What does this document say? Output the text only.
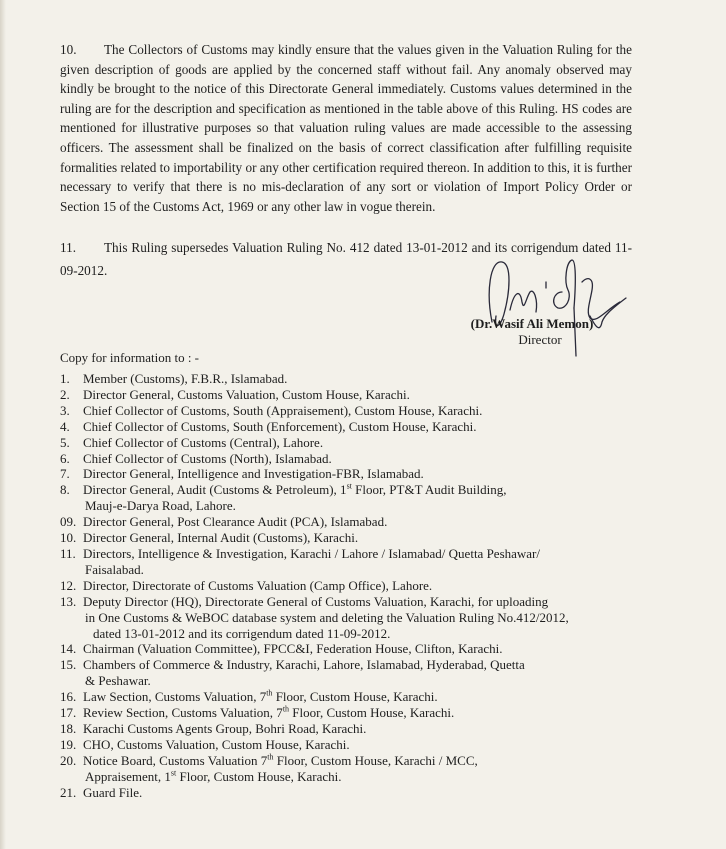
10. The Collectors of Customs may kindly ensure that the values given in the Valuation Ruling for the given description of goods are applied by the concerned staff without fail. Any anomaly observed may kindly be brought to the notice of this Directorate General immediately. Customs values determined in the ruling are for the description and specification as mentioned in the table above of this Ruling. HS codes are mentioned for illustrative purposes so that valuation ruling values are made accessible to the assessing officers. The assessment shall be finalized on the basis of correct classification after fulfilling requisite formalities related to importability or any other certification required thereon. In addition to this, it is further necessary to verify that there is no mis-declaration of any sort or violation of Import Policy Order or Section 15 of the Customs Act, 1969 or any other law in vogue therein.
11. This Ruling supersedes Valuation Ruling No. 412 dated 13-01-2012 and its corrigendum dated 11-09-2012.
(Dr.Wasif Ali Memon)
Director
Copy for information to : -
1. Member (Customs), F.B.R., Islamabad.
2. Director General, Customs Valuation, Custom House, Karachi.
3. Chief Collector of Customs, South (Appraisement), Custom House, Karachi.
4. Chief Collector of Customs, South (Enforcement), Custom House, Karachi.
5. Chief Collector of Customs (Central), Lahore.
6. Chief Collector of Customs (North), Islamabad.
7. Director General, Intelligence and Investigation-FBR, Islamabad.
8. Director General, Audit (Customs & Petroleum), 1st Floor, PT&T Audit Building,
Mauj-e-Darya Road, Lahore.
09. Director General, Post Clearance Audit (PCA), Islamabad.
10. Director General, Internal Audit (Customs), Karachi.
11. Directors, Intelligence & Investigation, Karachi / Lahore / Islamabad/ Quetta Peshawar/
Faisalabad.
12. Director, Directorate of Customs Valuation (Camp Office), Lahore.
13. Deputy Director (HQ), Directorate General of Customs Valuation, Karachi, for uploading
in One Customs & WeBOC database system and deleting the Valuation Ruling No.412/2012,
dated 13-01-2012 and its corrigendum dated 11-09-2012.
14. Chairman (Valuation Committee), FPCC&I, Federation House, Clifton, Karachi.
15. Chambers of Commerce & Industry, Karachi, Lahore, Islamabad, Hyderabad, Quetta
& Peshawar.
16. Law Section, Customs Valuation, 7th Floor, Custom House, Karachi.
17. Review Section, Customs Valuation, 7th Floor, Custom House, Karachi.
18. Karachi Customs Agents Group, Bohri Road, Karachi.
19. CHO, Customs Valuation, Custom House, Karachi.
20. Notice Board, Customs Valuation 7th Floor, Custom House, Karachi / MCC,
Appraisement, 1st Floor, Custom House, Karachi.
21. Guard File.
